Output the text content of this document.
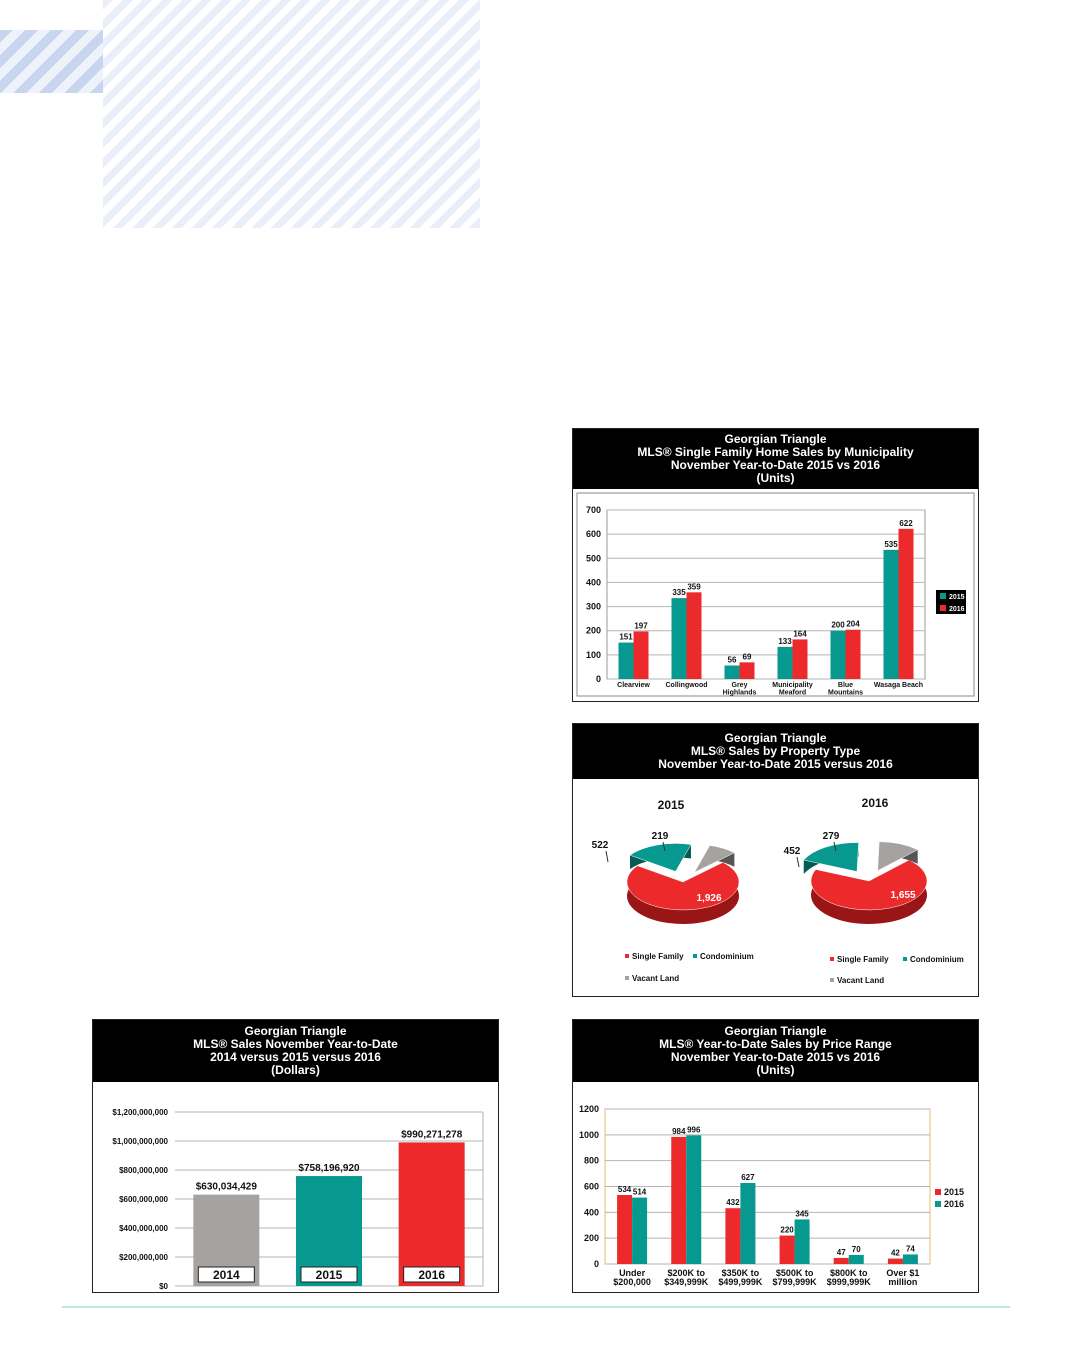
Georgian Triangle
MLS® Single Family Home Sales by Municipality
November Year-to-Date 2015 vs 2016
(Units)
0
100
200
300
400
500
600
700
151
197
Clearview
335
359
Collingwood
56 69
Grey
Highlands
133
164
Municipality
Meaford
200 204
Blue
Mountains
535
622
Wasaga Beach
2015
2016
Georgian Triangle
MLS® Sales by Property Type
November Year-to-Date 2015 versus 2016
2015
1,926
522
219
2016
1,655
452
279
Single Family Condominium
Vacant Land
Single Family	Condominium
Vacant Land
Georgian Triangle
MLS® Sales November Year-to-Date
2014 versus 2015 versus 2016
(Dollars)
$0
$200,000,000
$400,000,000
$600,000,000
$800,000,000
$1,000,000,000
$1,200,000,000
$630,034,429
2014
$758,196,920
2015
$990,271,278
2016
Georgian Triangle
MLS® Year-to-Date Sales by Price Range
November Year-to-Date 2015 vs 2016
(Units)
0
200
400
600
800
1000
1200
534 514
Under
$200,000
984 996
$200K to
$349,999K
432
627
$350K to
$499,999K
220
345
$500K to
$799,999K
47 70
$800K to
$999,999K
42 74
Over $1
million
2015
2016
